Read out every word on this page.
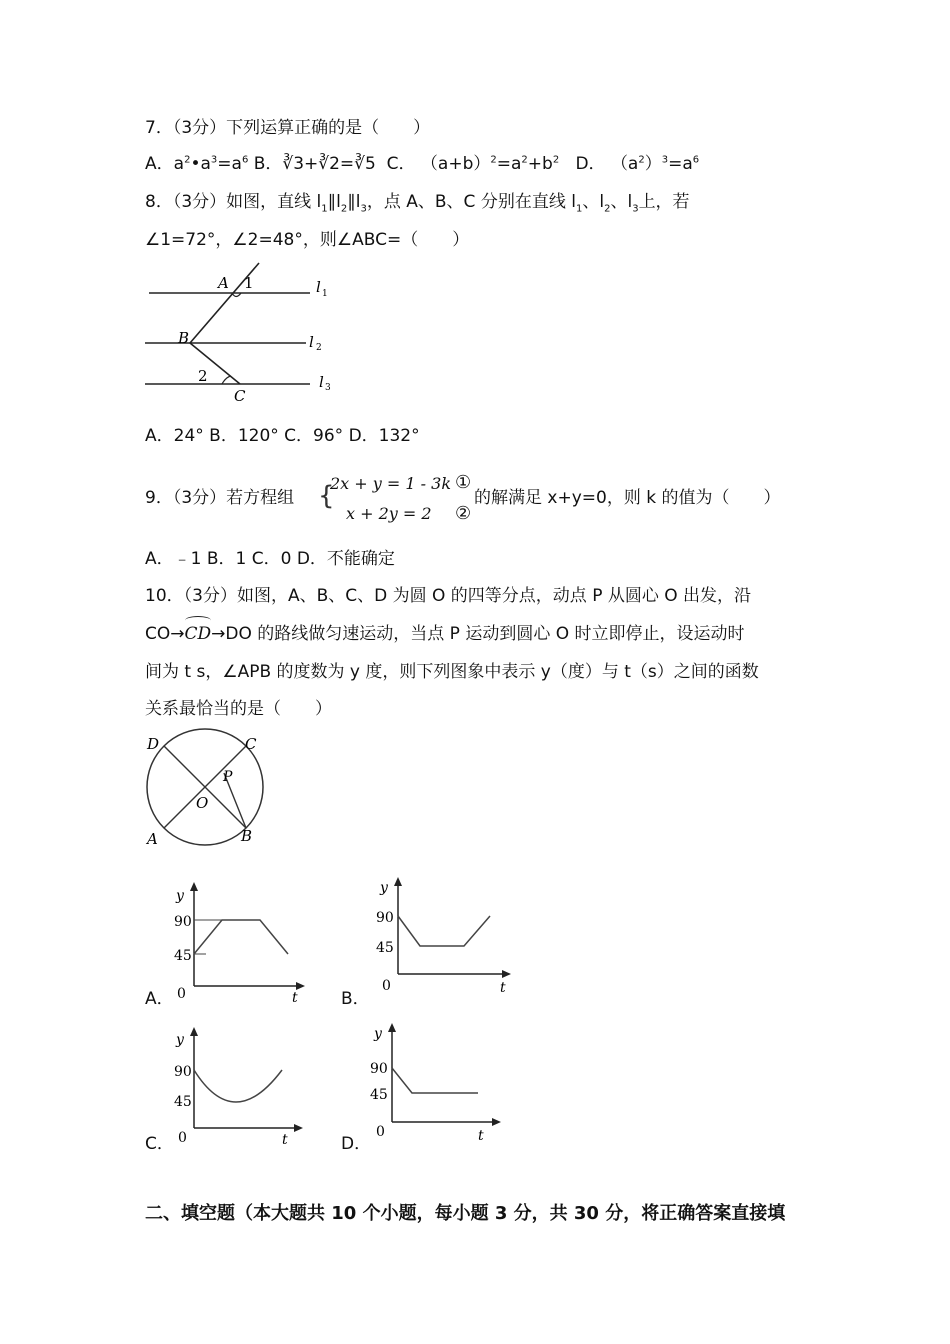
7．（3分）下列运算正确的是（　　）
A．$a^2•a^3=a^6$ B．∛3+∛2=∛5 C． $(a+b)^2=a^2+b^2$ D． $(a^2)^3=a^6$
8．（3分）如图，直线 $l_1\parallel l_2\parallel l_3$，点 A、B、C 分别在直线 $l_1$、$l_2$、$l_3$上，若
∠1=72°，∠2=48°，则∠ABC=（　　）
A 1
B
2
C
l 1
l 2
l 3
A．24° B．120° C．96° D．132°
9．（3分）若方程组 {
2x + y = 1 - 3k
x + 2y = 2
①
②
的解满足 x+y=0，则 k 的值为（　　）
A．﹣1 B．1 C．0 D．不能确定
10．（3分）如图，A、B、C、D 为圆 O 的四等分点，动点 P 从圆心 O 出发，沿
CO→
CD→DO 的路线做匀速运动，当点 P 运动到圆心 O 时立即停止，设运动时
间为 t s，∠APB 的度数为 y 度，则下列图象中表示 y（度）与 t（s）之间的函数
关系最恰当的是（　　）
D	C
P
O
A	B
A．
y
90
45
0	t	B．
y
90
45
0	t
C．
y
90
45
0	t	D．
y
90
45
0	t
二、填空题（本大题共 10 个小题，每小题 3 分，共 30 分，将正确答案直接填
